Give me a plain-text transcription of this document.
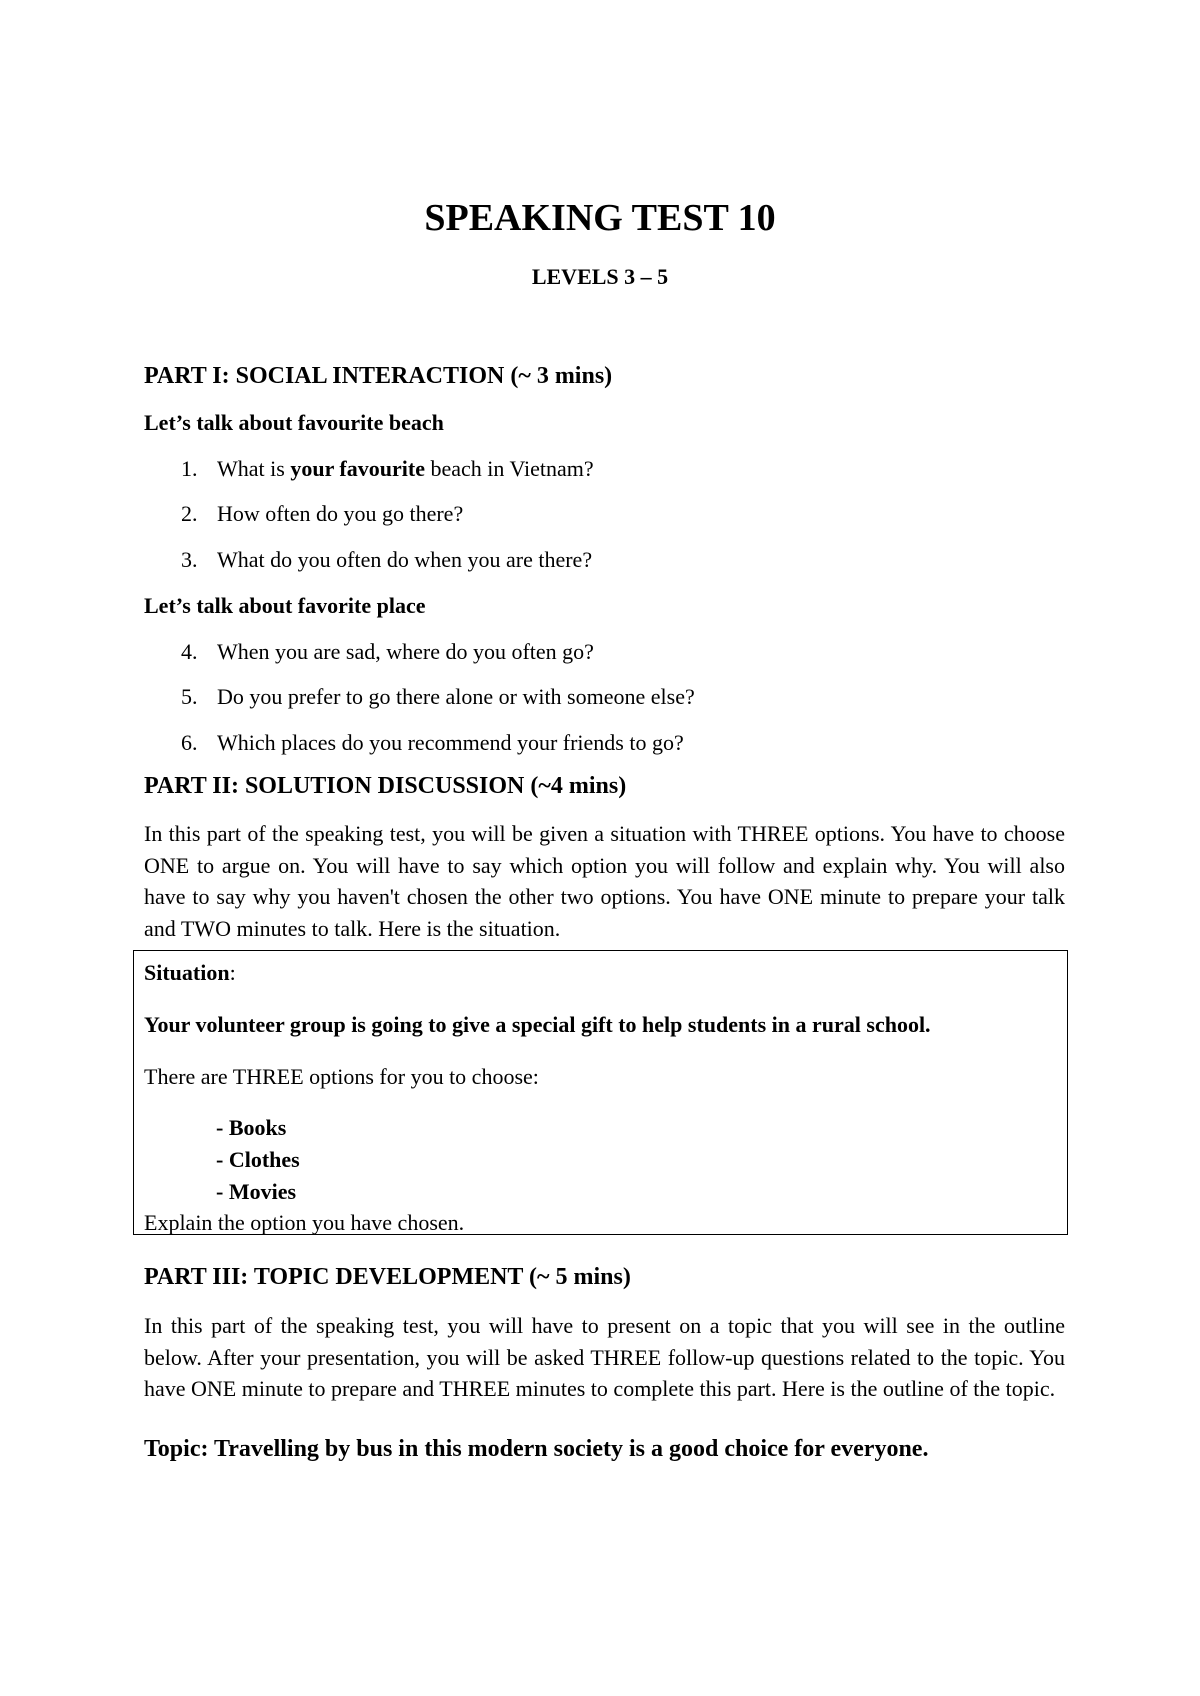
SPEAKING TEST 10
LEVELS 3 – 5
PART I: SOCIAL INTERACTION (~ 3 mins)
Let’s talk about favourite beach
1. What is your favourite beach in Vietnam?
2. How often do you go there?
3. What do you often do when you are there?
Let’s talk about favorite place
4. When you are sad, where do you often go?
5. Do you prefer to go there alone or with someone else?
6. Which places do you recommend your friends to go?
PART II: SOLUTION DISCUSSION (~4 mins)
In this part of the speaking test, you will be given a situation with THREE options. You have to choose ONE to argue on. You will have to say which option you will follow and explain why. You will also have to say why you haven't chosen the other two options. You have ONE minute to prepare your talk and TWO minutes to talk. Here is the situation.
Situation:
Your volunteer group is going to give a special gift to help students in a rural school.
There are THREE options for you to choose:
- Books
- Clothes
- Movies
Explain the option you have chosen.
PART III: TOPIC DEVELOPMENT (~ 5 mins)
In this part of the speaking test, you will have to present on a topic that you will see in the outline below. After your presentation, you will be asked THREE follow-up questions related to the topic. You have ONE minute to prepare and THREE minutes to complete this part. Here is the outline of the topic.
Topic: Travelling by bus in this modern society is a good choice for everyone.
